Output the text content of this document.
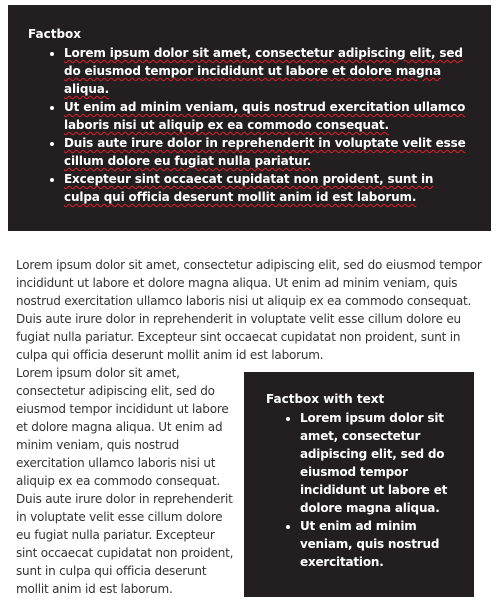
Factbox
• Lorem ipsum dolor sit amet, consectetur adipiscing elit, sed do eiusmod tempor incididunt ut labore et dolore magna aliqua.
• Ut enim ad minim veniam, quis nostrud exercitation ullamco laboris nisi ut aliquip ex ea commodo consequat.
• Duis aute irure dolor in reprehenderit in voluptate velit esse cillum dolore eu fugiat nulla pariatur.
• Excepteur sint occaecat cupidatat non proident, sunt in culpa qui officia deserunt mollit anim id est laborum.

Lorem ipsum dolor sit amet, consectetur adipiscing elit, sed do eiusmod tempor incididunt ut labore et dolore magna aliqua. Ut enim ad minim veniam, quis nostrud exercitation ullamco laboris nisi ut aliquip ex ea commodo consequat. Duis aute irure dolor in reprehenderit in voluptate velit esse cillum dolore eu fugiat nulla pariatur. Excepteur sint occaecat cupidatat non proident, sunt in culpa qui officia deserunt mollit anim id est laborum.

Lorem ipsum dolor sit amet, consectetur adipiscing elit, sed do eiusmod tempor incididunt ut labore et dolore magna aliqua. Ut enim ad minim veniam, quis nostrud exercitation ullamco laboris nisi ut aliquip ex ea commodo consequat. Duis aute irure dolor in reprehenderit in voluptate velit esse cillum dolore eu fugiat nulla pariatur. Excepteur sint occaecat cupidatat non proident, sunt in culpa qui officia deserunt mollit anim id est laborum.

Factbox with text
• Lorem ipsum dolor sit amet, consectetur adipiscing elit, sed do eiusmod tempor incididunt ut labore et dolore magna aliqua.
• Ut enim ad minim veniam, quis nostrud exercitation.
